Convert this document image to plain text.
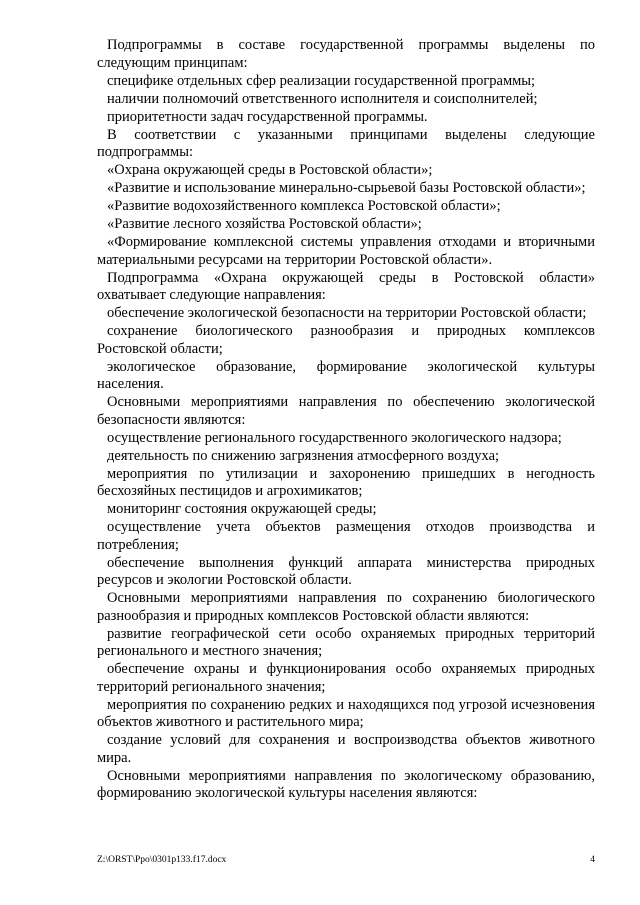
Подпрограммы в составе государственной программы выделены по следующим принципам:

специфике отдельных сфер реализации государственной программы;

наличии полномочий ответственного исполнителя и соисполнителей;

приоритетности задач государственной программы.

В соответствии с указанными принципами выделены следующие подпрограммы:

«Охрана окружающей среды в Ростовской области»;

«Развитие и использование минерально-сырьевой базы Ростовской области»;

«Развитие водохозяйственного комплекса Ростовской области»;

«Развитие лесного хозяйства Ростовской области»;

«Формирование комплексной системы управления отходами и вторичными материальными ресурсами на территории Ростовской области».

Подпрограмма «Охрана окружающей среды в Ростовской области» охватывает следующие направления:

обеспечение экологической безопасности на территории Ростовской области;

сохранение биологического разнообразия и природных комплексов Ростовской области;

экологическое образование, формирование экологической культуры населения.

Основными мероприятиями направления по обеспечению экологической безопасности являются:

осуществление регионального государственного экологического надзора;

деятельность по снижению загрязнения атмосферного воздуха;

мероприятия по утилизации и захоронению пришедших в негодность бесхозяйных пестицидов и агрохимикатов;

мониторинг состояния окружающей среды;

осуществление учета объектов размещения отходов производства и потребления;

обеспечение выполнения функций аппарата министерства природных ресурсов и экологии Ростовской области.

Основными мероприятиями направления по сохранению биологического разнообразия и природных комплексов Ростовской области являются:

развитие географической сети особо охраняемых природных территорий регионального и местного значения;

обеспечение охраны и функционирования особо охраняемых природных территорий регионального значения;

мероприятия по сохранению редких и находящихся под угрозой исчезновения объектов животного и растительного мира;

создание условий для сохранения и воспроизводства объектов животного мира.

Основными мероприятиями направления по экологическому образованию, формированию экологической культуры населения являются:

Z:\ORST\Ppo\0301p133.f17.docx	4
